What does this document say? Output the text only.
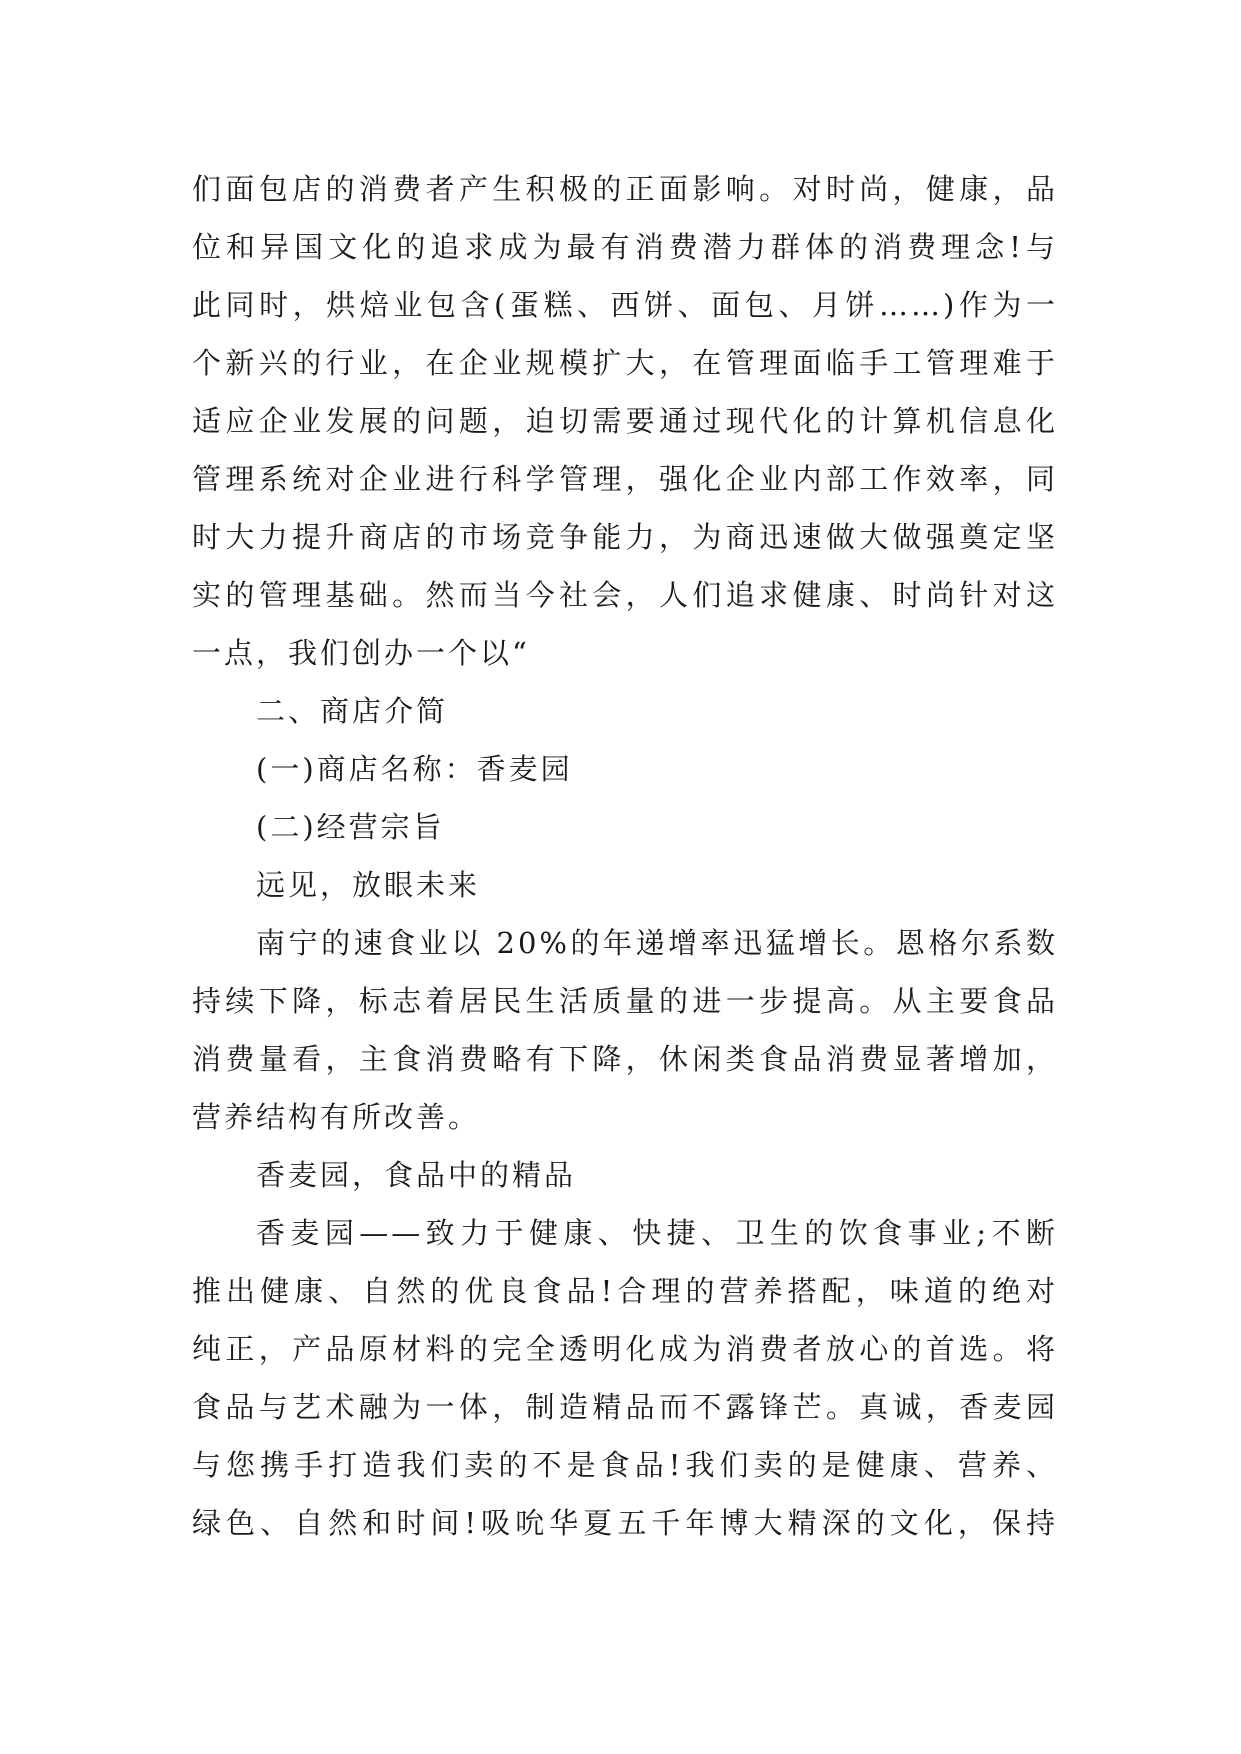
们面包店的消费者产生积极的正面影响。对时尚，健康，品
位和异国文化的追求成为最有消费潜力群体的消费理念!与
此同时，烘焙业包含(蛋糕、西饼、面包、月饼……)作为一
个新兴的行业，在企业规模扩大，在管理面临手工管理难于
适应企业发展的问题，迫切需要通过现代化的计算机信息化
管理系统对企业进行科学管理，强化企业内部工作效率，同
时大力提升商店的市场竞争能力，为商迅速做大做强奠定坚
实的管理基础。然而当今社会，人们追求健康、时尚针对这
一点，我们创办一个以“
二、商店介简
(一)商店名称：香麦园
(二)经营宗旨
远见，放眼未来
南宁的速食业以 20%的年递增率迅猛增长。恩格尔系数
持续下降，标志着居民生活质量的进一步提高。从主要食品
消费量看，主食消费略有下降，休闲类食品消费显著增加，
营养结构有所改善。
香麦园，食品中的精品
香麦园——致力于健康、快捷、卫生的饮食事业;不断
推出健康、自然的优良食品!合理的营养搭配，味道的绝对
纯正，产品原材料的完全透明化成为消费者放心的首选。将
食品与艺术融为一体，制造精品而不露锋芒。真诚，香麦园
与您携手打造我们卖的不是食品!我们卖的是健康、营养、
绿色、自然和时间!吸吮华夏五千年博大精深的文化，保持
